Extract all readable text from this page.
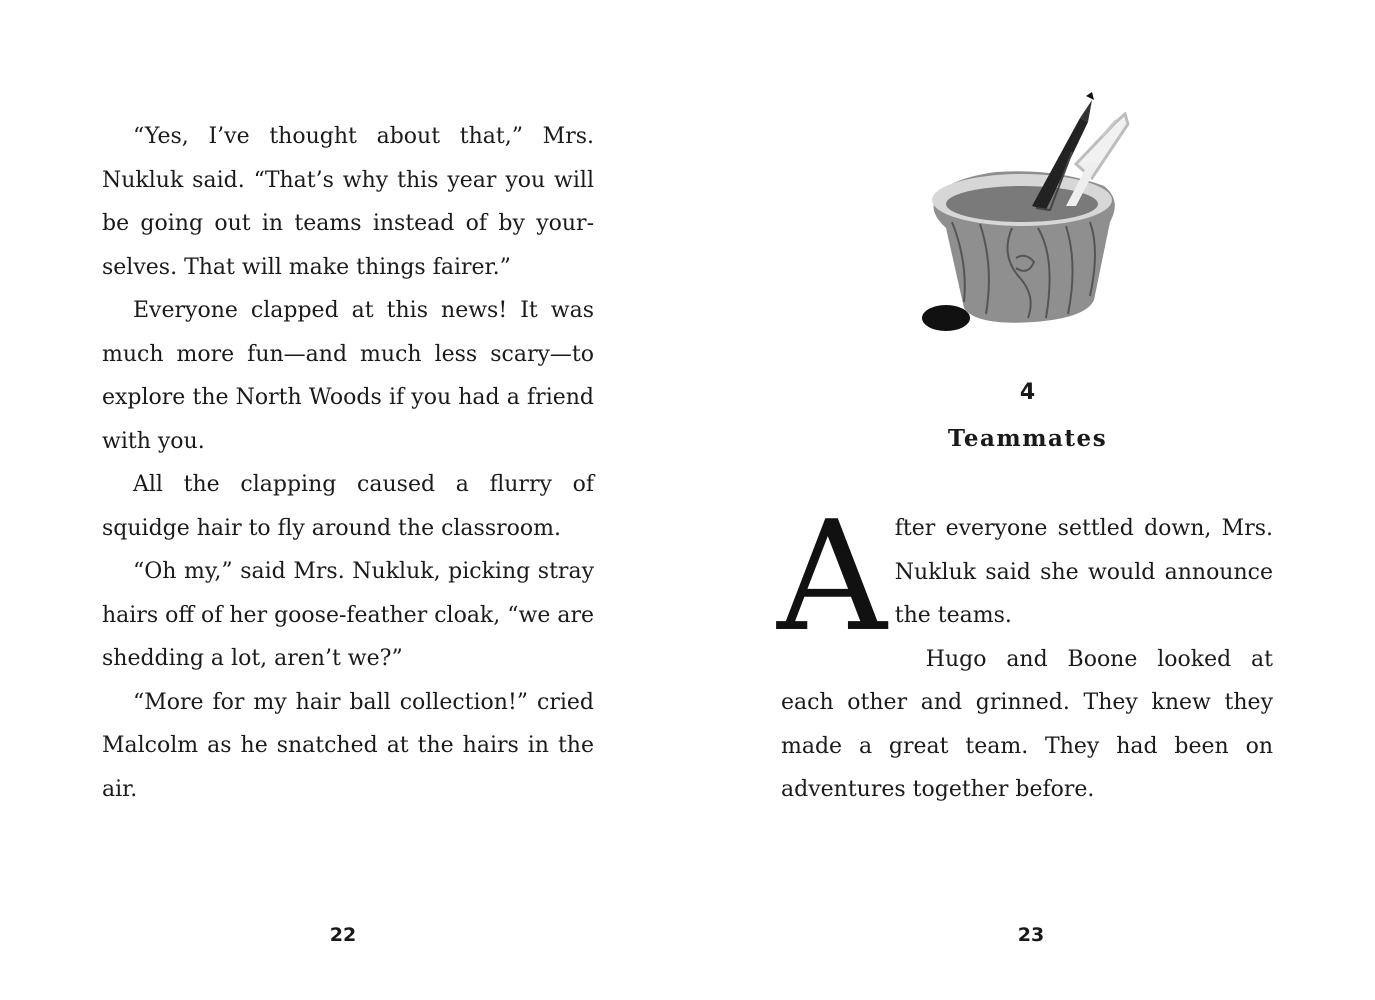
“Yes, I’ve thought about that,” Mrs. Nukluk said. “That’s why this year you will be going out in teams instead of by yourselves. That will make things fairer.”

Everyone clapped at this news! It was much more fun—and much less scary—to explore the North Woods if you had a friend with you.

All the clapping caused a flurry of squidge hair to fly around the classroom.

“Oh my,” said Mrs. Nukluk, picking stray hairs off of her goose-feather cloak, “we are shedding a lot, aren’t we?”

“More for my hair ball collection!” cried Malcolm as he snatched at the hairs in the air.

22
4
Teammates

After everyone settled down, Mrs. Nukluk said she would announce the teams.

Hugo and Boone looked at each other and grinned. They knew they made a great team. They had been on adventures together before.

23
